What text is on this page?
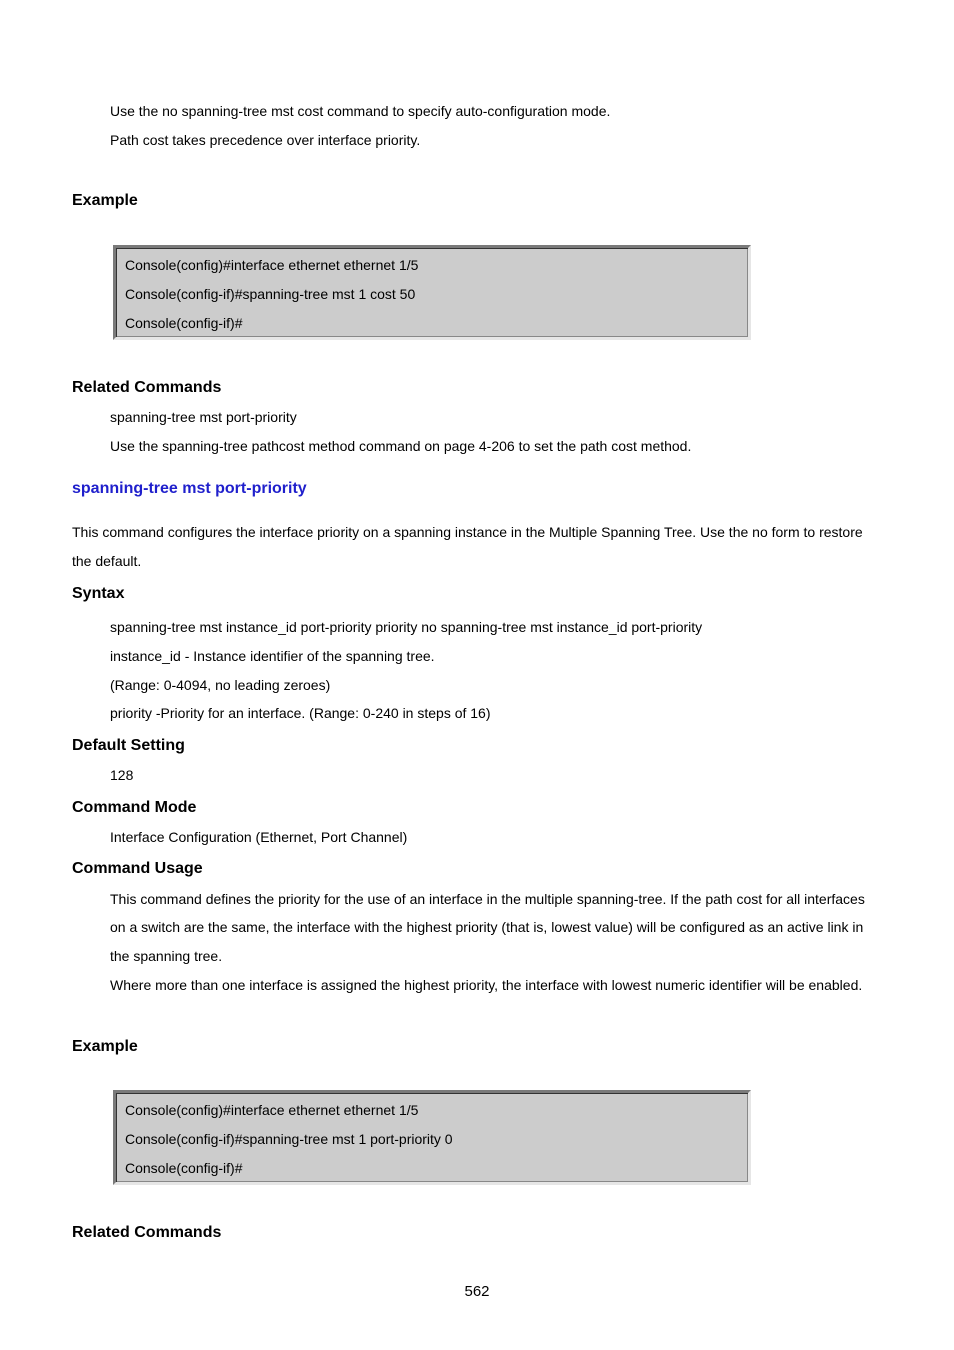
Use the no spanning-tree mst cost command to specify auto-configuration mode.
Path cost takes precedence over interface priority.
Example
Console(config)#interface ethernet ethernet 1/5
Console(config-if)#spanning-tree mst 1 cost 50
Console(config-if)#
Related Commands
spanning-tree mst port-priority
Use the spanning-tree pathcost method command on page 4-206 to set the path cost method.
spanning-tree mst port-priority
This command configures the interface priority on a spanning instance in the Multiple Spanning Tree. Use the no form to restore
the default.
Syntax
spanning-tree mst instance_id port-priority priority no spanning-tree mst instance_id port-priority
instance_id - Instance identifier of the spanning tree.
(Range: 0-4094, no leading zeroes)
priority -Priority for an interface. (Range: 0-240 in steps of 16)
Default Setting
128
Command Mode
Interface Configuration (Ethernet, Port Channel)
Command Usage
This command defines the priority for the use of an interface in the multiple spanning-tree. If the path cost for all interfaces
on a switch are the same, the interface with the highest priority (that is, lowest value) will be configured as an active link in
the spanning tree.
Where more than one interface is assigned the highest priority, the interface with lowest numeric identifier will be enabled.
Example
Console(config)#interface ethernet ethernet 1/5
Console(config-if)#spanning-tree mst 1 port-priority 0
Console(config-if)#
Related Commands
562
